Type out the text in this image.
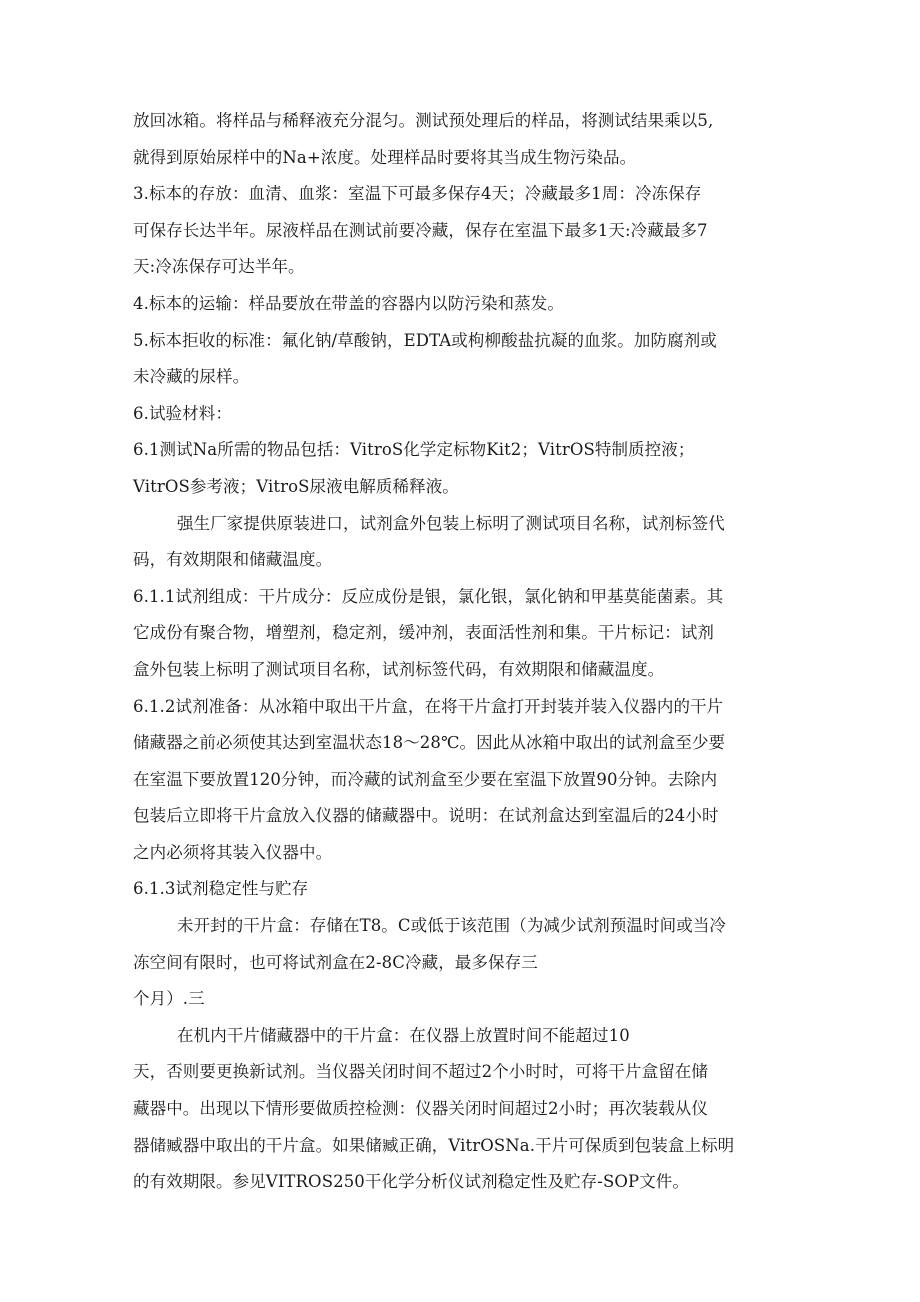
放回冰箱。将样品与稀释液充分混匀。测试预处理后的样品，将测试结果乘以5,
就得到原始尿样中的Na+浓度。处理样品时要将其当成生物污染品。
3.标本的存放：血清、血浆：室温下可最多保存4天；冷藏最多1周：冷冻保存
可保存长达半年。尿液样品在测试前要冷藏，保存在室温下最多1天:冷藏最多7
天:冷冻保存可达半年。
4.标本的运输：样品要放在带盖的容器内以防污染和蒸发。
5.标本拒收的标准：氟化钠/草酸钠，EDTA或枸柳酸盐抗凝的血浆。加防腐剂或
未冷藏的尿样。
6.试验材料：
6.1测试Na所需的物品包括：VitroS化学定标物Kit2；VitrOS特制质控液；
VitrOS参考液；VitroS尿液电解质稀释液。
强生厂家提供原装进口，试剂盒外包装上标明了测试项目名称，试剂标签代
码，有效期限和储藏温度。
6.1.1试剂组成：干片成分：反应成份是银，氯化银，氯化钠和甲基莫能菌素。其
它成份有聚合物，增塑剂，稳定剂，缓冲剂，表面活性剂和集。干片标记：试剂
盒外包装上标明了测试项目名称，试剂标签代码，有效期限和储藏温度。
6.1.2试剂准备：从冰箱中取出干片盒，在将干片盒打开封装并装入仪器内的干片
储藏器之前必须使其达到室温状态18～28℃。因此从冰箱中取出的试剂盒至少要
在室温下要放置120分钟，而冷藏的试剂盒至少要在室温下放置90分钟。去除内
包装后立即将干片盒放入仪器的储藏器中。说明：在试剂盒达到室温后的24小时
之内必须将其装入仪器中。
6.1.3试剂稳定性与贮存
未开封的干片盒：存储在T8。C或低于该范围（为减少试剂预温时间或当冷
冻空间有限时，也可将试剂盒在2-8C冷藏，最多保存三
个月）.三
在机内干片储藏器中的干片盒：在仪器上放置时间不能超过10
天，否则要更换新试剂。当仪器关闭时间不超过2个小时时，可将干片盒留在储
藏器中。出现以下情形要做质控检测：仪器关闭时间超过2小时；再次装载从仪
器储臧器中取出的干片盒。如果储臧正确，VitrOSNa.干片可保质到包装盒上标明
的有效期限。参见VITROS250干化学分析仪试剂稳定性及贮存-SOP文件。
